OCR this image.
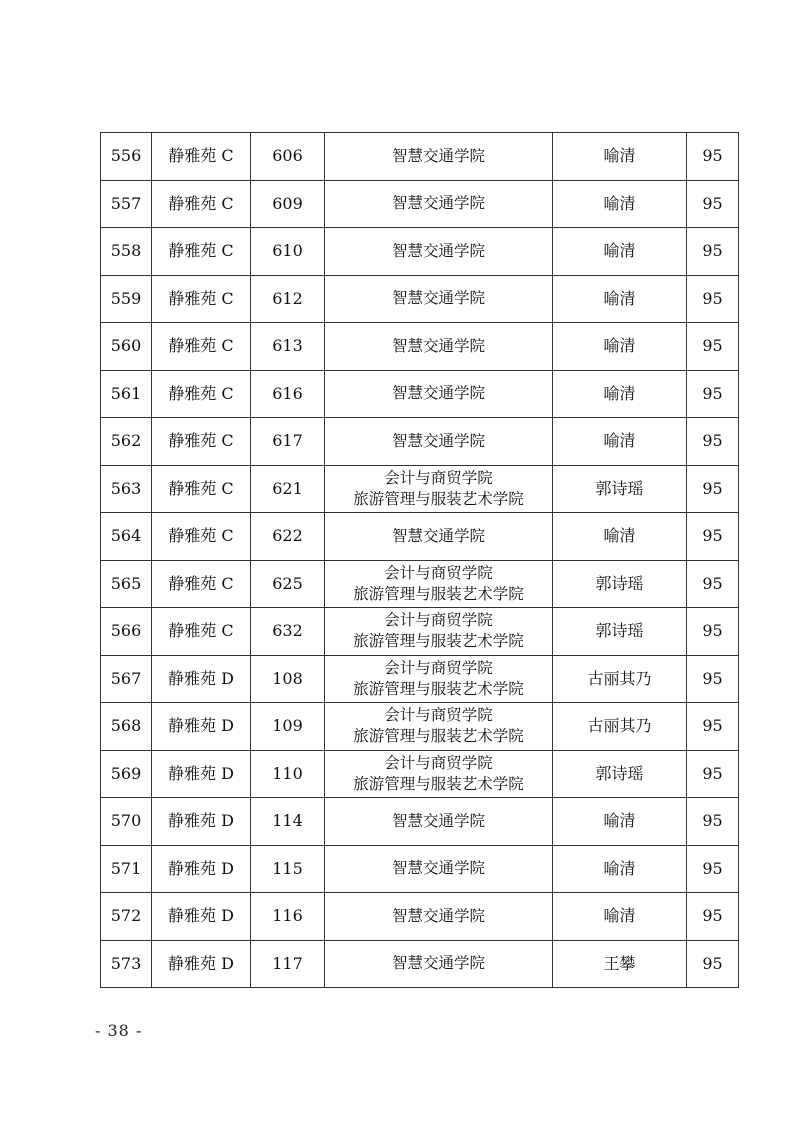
556	静雅苑 C	606	智慧交通学院	喻清	95
557	静雅苑 C	609	智慧交通学院	喻清	95
558	静雅苑 C	610	智慧交通学院	喻清	95
559	静雅苑 C	612	智慧交通学院	喻清	95
560	静雅苑 C	613	智慧交通学院	喻清	95
561	静雅苑 C	616	智慧交通学院	喻清	95
562	静雅苑 C	617	智慧交通学院	喻清	95
563	静雅苑 C	621	会计与商贸学院
旅游管理与服装艺术学院	郭诗瑶	95
564	静雅苑 C	622	智慧交通学院	喻清	95
565	静雅苑 C	625	会计与商贸学院
旅游管理与服装艺术学院	郭诗瑶	95
566	静雅苑 C	632	会计与商贸学院
旅游管理与服装艺术学院	郭诗瑶	95
567	静雅苑 D	108	会计与商贸学院
旅游管理与服装艺术学院	古丽其乃	95
568	静雅苑 D	109	会计与商贸学院
旅游管理与服装艺术学院	古丽其乃	95
569	静雅苑 D	110	会计与商贸学院
旅游管理与服装艺术学院	郭诗瑶	95
570	静雅苑 D	114	智慧交通学院	喻清	95
571	静雅苑 D	115	智慧交通学院	喻清	95
572	静雅苑 D	116	智慧交通学院	喻清	95
573	静雅苑 D	117	智慧交通学院	王攀	95
- 38 -
